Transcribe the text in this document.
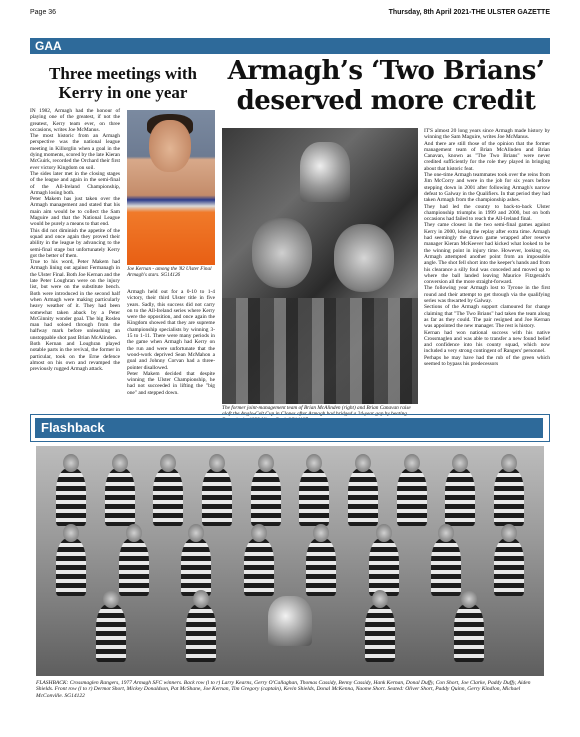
Page 36	Thursday, 8th April 2021-THE ULSTER GAZETTE
GAA
Three meetings with Kerry in one year

IN 1982, Armagh had the honour of playing one of the greatest, if not the greatest, Kerry team ever, on three occasions, writes Joe McManus.

The most historic from an Armagh perspective was the national league meeting in Killorglin when a goal in the dying moments, scored by the late Kieran McGuirk, recorded the Orchard their first ever victory Kingdom on soil.

The sides later met in the closing stages of the league and again in the semi-final of the All-Ireland Championship, Armagh losing both.

Peter Makem has just taken over the Armagh management and stated that his main aim would be to collect the Sam Maguire and that the National League would be purely a means to that end.

This did not diminish the appetite of the squad and once again they proved their ability in the league by advancing to the semi-final stage but unfortunately Kerry got the better of them.

True to his word, Peter Makem had Armagh lining out against Fermanagh in the Ulster Final. Both Joe Kernan and the late Peter Loughran were on the injury list, but were on the substitute bench. Both were introduced in the second half when Armagh were making particularly heavy weather of it. They had been somewhat taken aback by a Peter McGinnity wonder goal. The big Roslea man had soloed through from the halfway mark before unleashing an unstoppable shot past Brian McAlinden.

Both Kernan and Loughran played notable parts in the revival, the former in particular, took on the Erne defence almost on his own and revamped the previously rugged Armagh attack.

Joe Kernan - among the '82 Ulster Final Armagh's stars. SG14126

Armagh held out for a 0-10 to 1-4 victory, their third Ulster title in five years. Sadly, this success did not carry on to the All-Ireland series where Kerry were the opposition, and once again the Kingdom showed that they are supreme championship specialists by winning 3-15 to 1-11. There were many periods in the game when Armagh had Kerry on the run and were unfortunate that the wood-work deprived Sean McMahon a goal and Johnny Corvan had a three-pointer disallowed.

Peter Makem decided that despite winning the Ulster Championship, he had not succeeded in lifting the "big one" and stepped down.

Armagh’s ‘Two Brians’ deserved more credit
The former joint-management team of Brian McAlinden (right) and Brian Canavan raise aloft the Anglo-Celt Cup in Clones after Armagh had bridged a 24-year gap by beating

IT'S almost 20 long years since Armagh made history by winning the Sam Maguire, writes Joe McManus.

And there are still those of the opinion that the former management team of Brian McAlinden and Brian Canavan, known as "The Two Brians" were never credited sufficiently for the role they played in bringing about that historic feat.

The one-time Armagh teammates took over the reins from Jim McCorry and were in the job for six years before stepping down in 2001 after following Armagh's narrow defeat to Galway in the Qualifiers. In that period they had taken Armagh from the championship ashes.

They had led the county to back-to-back Ulster championship triumphs in 1999 and 2000, but on both occasions had failed to reach the All-Ireland final.

They came closest in the two semi-final games against Kerry in 2000, losing the replay after extra time. Armagh had seemingly the drawn game wrapped after reserve manager Kieran McKeever had kicked what looked to be the winning point in injury time. However, looking on, Armagh attempted another point from an impossible angle. The shot fell short into the keeper's hands and from his clearance a silly foul was conceded and moved up to where the ball landed leaving Maurice Fitzgerald's conversion all the more straight-forward.

The following year Armagh lost to Tyrone in the first round and their attempt to get through via the qualifying series was thwarted by Galway.

Sections of the Armagh support clamoured for change claiming that "The Two Brians" had taken the team along as far as they could. The pair resigned and Joe Kernan was appointed the new manager. The rest is history.

Kernan had won national success with his native Crossmaglen and was able to transfer a new found belief and confidence into his county squad, which now included a very strong contingent of Rangers' personnel.

Perhaps he may have had the rub of the green which seemed to bypass his predecessors

Flashback
FLASHBACK: Crossmaglen Rangers, 1977 Armagh SFC winners. Back row (l to r) Larry Kearns, Gerry O'Callaghan, Thomas Cassidy, Benny Cassidy, Hank Kernan, Donal Duffy, Con Short, Joe Clarke, Paddy Duffy, Aiden Shields. Front row (l to r) Dermot Short, Mickey Donaldson, Pat McShane, Joe Kernan, Tim Gregory (captain), Kevin Shields, Donal McKenna, Naome Short. Seated: Oliver Short, Paddy Quinn, Gerry Kindlon, Michael McConville. SG14122
